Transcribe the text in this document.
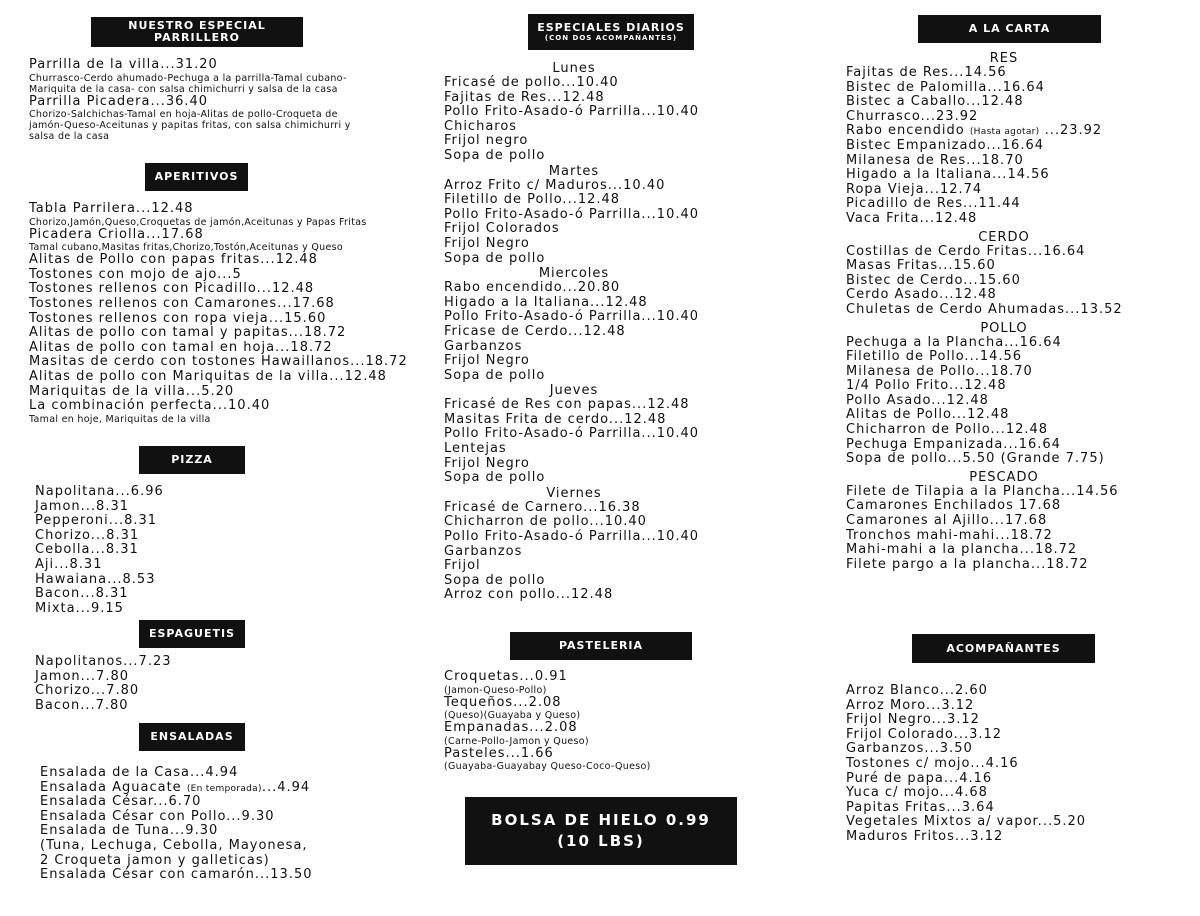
NUESTRO ESPECIAL PARRILLERO
Parrilla de la villa...31.20
Churrasco-Cerdo ahumado-Pechuga a la parrilla-Tamal cubano-
Mariquita de la casa- con salsa chimichurri y salsa de la casa
Parrilla Picadera...36.40
Chorizo-Salchichas-Tamal en hoja-Alitas de pollo-Croqueta de
jamón-Queso-Aceitunas y papitas fritas, con salsa chimichurri y
salsa de la casa
APERITIVOS
Tabla Parrilera...12.48
Chorizo,Jamón,Queso,Croquetas de jamón,Aceitunas y Papas Fritas
Picadera Criolla...17.68
Tamal cubano,Masitas fritas,Chorizo,Tostón,Aceitunas y Queso
Alitas de Pollo con papas fritas...12.48
Tostones con mojo de ajo...5
Tostones rellenos con Picadillo...12.48
Tostones rellenos con Camarones...17.68
Tostones rellenos con ropa vieja...15.60
Alitas de pollo con tamal y papitas...18.72
Alitas de pollo con tamal en hoja...18.72
Masitas de cerdo con tostones Hawaillanos...18.72
Alitas de pollo con Mariquitas de la villa...12.48
Mariquitas de la villa...5.20
La combinación perfecta...10.40
Tamal en hoje, Mariquitas de la villa
PIZZA
Napolitana...6.96
Jamon...8.31
Pepperoni...8.31
Chorizo...8.31
Cebolla...8.31
Aji...8.31
Hawaiana...8.53
Bacon...8.31
Mixta...9.15
ESPAGUETIS
Napolitanos...7.23
Jamon...7.80
Chorizo...7.80
Bacon...7.80
ENSALADAS
Ensalada de la Casa...4.94
Ensalada Aguacate (En temporada)...4.94
Ensalada César...6.70
Ensalada César con Pollo...9.30
Ensalada de Tuna...9.30
(Tuna, Lechuga, Cebolla, Mayonesa,
2 Croqueta jamon y galleticas)
Ensalada César con camarón...13.50
ESPECIALES DIARIOS
(CON DOS ACOMPAÑANTES)
Lunes
Fricasé de pollo...10.40
Fajitas de Res...12.48
Pollo Frito-Asado-ó Parrilla...10.40
Chicharos
Frijol negro
Sopa de pollo
Martes
Arroz Frito c/ Maduros...10.40
Filetillo de Pollo...12.48
Pollo Frito-Asado-ó Parrilla...10.40
Frijol Colorados
Frijol Negro
Sopa de pollo
Miercoles
Rabo encendido...20.80
Higado a la Italiana...12.48
Pollo Frito-Asado-ó Parrilla...10.40
Fricase de Cerdo...12.48
Garbanzos
Frijol Negro
Sopa de pollo
Jueves
Fricasé de Res con papas...12.48
Masitas Frita de cerdo...12.48
Pollo Frito-Asado-ó Parrilla...10.40
Lentejas
Frijol Negro
Sopa de pollo
Viernes
Fricasé de Carnero...16.38
Chicharron de pollo...10.40
Pollo Frito-Asado-ó Parrilla...10.40
Garbanzos
Frijol
Sopa de pollo
Arroz con pollo...12.48
PASTELERIA
Croquetas...0.91
(Jamon-Queso-Pollo)
Tequeños...2.08
(Queso)(Guayaba y Queso)
Empanadas...2.08
(Carne-Pollo-Jamon y Queso)
Pasteles...1.66
(Guayaba-Guayabay Queso-Coco-Queso)
BOLSA DE HIELO 0.99
(10 LBS)
A LA CARTA
RES
Fajitas de Res...14.56
Bistec de Palomilla...16.64
Bistec a Caballo...12.48
Churrasco...23.92
Rabo encendido (Hasta agotar) ...23.92
Bistec Empanizado...16.64
Milanesa de Res...18.70
Higado a la Italiana...14.56
Ropa Vieja...12.74
Picadillo de Res...11.44
Vaca Frita...12.48
CERDO
Costillas de Cerdo Fritas...16.64
Masas Fritas...15.60
Bistec de Cerdo...15.60
Cerdo Asado...12.48
Chuletas de Cerdo Ahumadas...13.52
POLLO
Pechuga a la Plancha...16.64
Filetillo de Pollo...14.56
Milanesa de Pollo...18.70
1/4 Pollo Frito...12.48
Pollo Asado...12.48
Alitas de Pollo...12.48
Chicharron de Pollo...12.48
Pechuga Empanizada...16.64
Sopa de pollo...5.50 (Grande 7.75)
PESCADO
Filete de Tilapia a la Plancha...14.56
Camarones Enchilados 17.68
Camarones al Ajillo...17.68
Tronchos mahi-mahi...18.72
Mahi-mahi a la plancha...18.72
Filete pargo a la plancha...18.72
ACOMPAÑANTES
Arroz Blanco...2.60
Arroz Moro...3.12
Frijol Negro...3.12
Frijol Colorado...3.12
Garbanzos...3.50
Tostones c/ mojo...4.16
Puré de papa...4.16
Yuca c/ mojo...4.68
Papitas Fritas...3.64
Vegetales Mixtos a/ vapor...5.20
Maduros Fritos...3.12
